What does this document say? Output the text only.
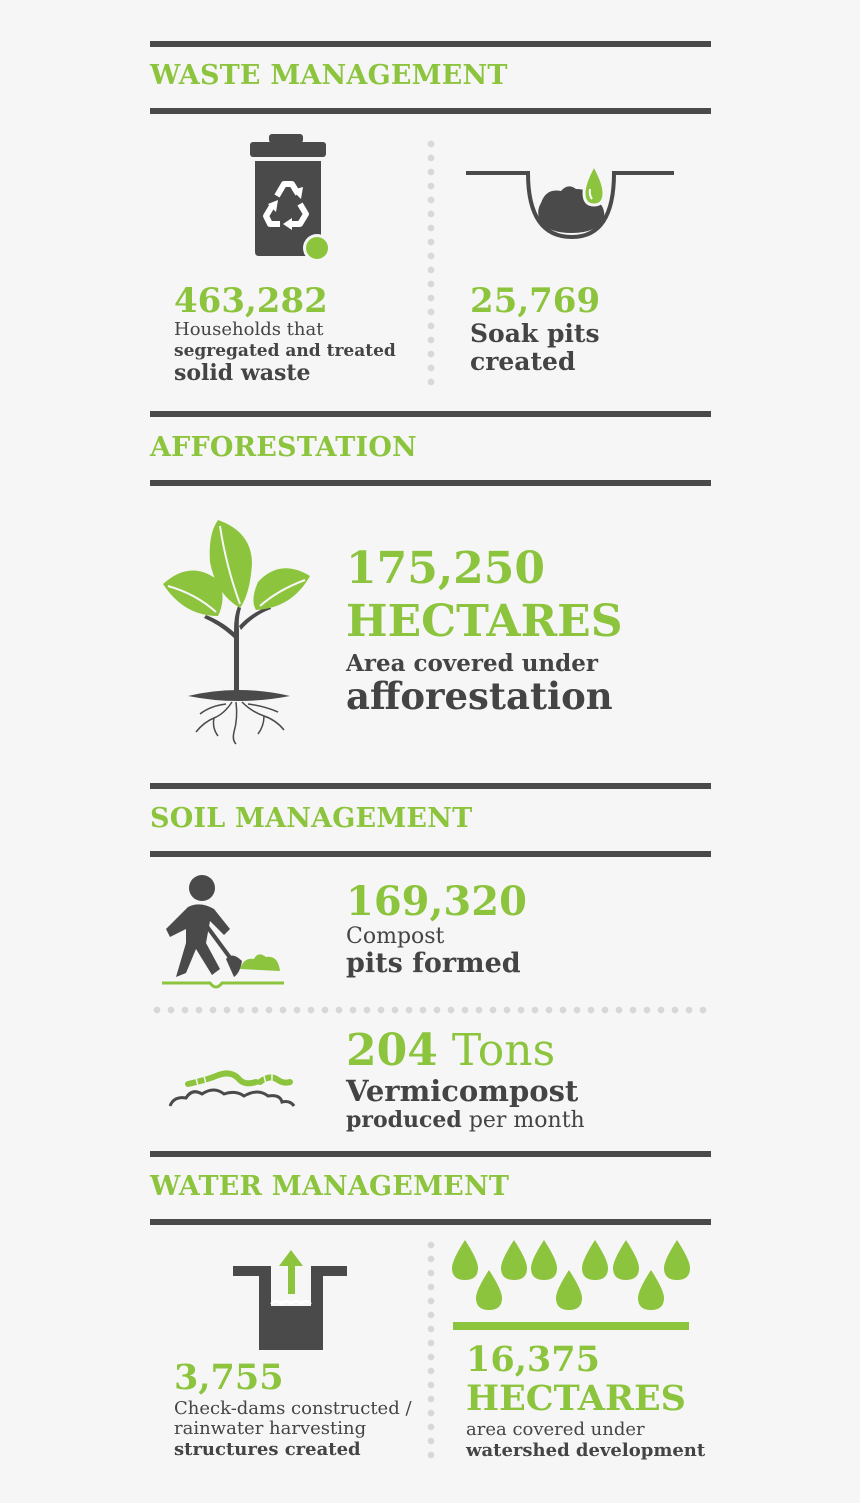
WASTE MANAGEMENT
463,282
Households that
segregated and treated
solid waste
25,769
Soak pits
created
AFFORESTATION
175,250
HECTARES
Area covered under
afforestation
SOIL MANAGEMENT
169,320
Compost
pits formed
204 Tons
Vermicompost
produced per month
WATER MANAGEMENT
3,755
Check-dams constructed /
rainwater harvesting
structures created
16,375
HECTARES
area covered under
watershed development
